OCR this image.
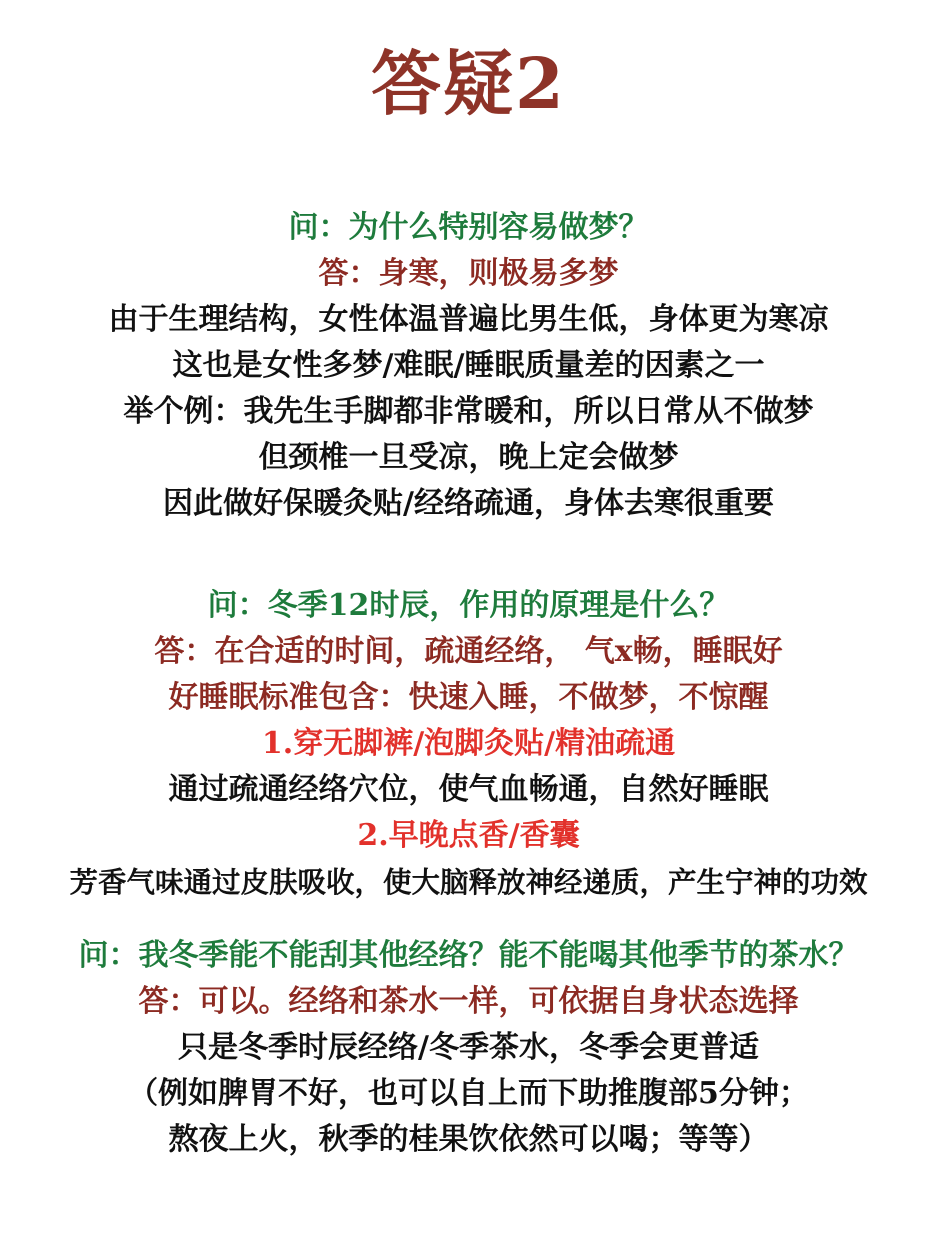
答疑2
问：为什么特别容易做梦？
答：身寒，则极易多梦
由于生理结构，女性体温普遍比男生低，身体更为寒凉
这也是女性多梦/难眠/睡眠质量差的因素之一
举个例：我先生手脚都非常暖和，所以日常从不做梦
但颈椎一旦受凉，晚上定会做梦
因此做好保暖灸贴/经络疏通，身体去寒很重要
问：冬季12时辰，作用的原理是什么？
答：在合适的时间，疏通经络， 气x畅，睡眠好
好睡眠标准包含：快速入睡，不做梦，不惊醒
1.穿无脚裤/泡脚灸贴/精油疏通
通过疏通经络穴位，使气血畅通，自然好睡眠
2.早晚点香/香囊
芳香气味通过皮肤吸收，使大脑释放神经递质，产生宁神的功效
问：我冬季能不能刮其他经络？能不能喝其他季节的茶水？
答：可以。经络和茶水一样，可依据自身状态选择
只是冬季时辰经络/冬季茶水，冬季会更普适
（例如脾胃不好，也可以自上而下助推腹部5分钟；
熬夜上火，秋季的桂果饮依然可以喝；等等）
